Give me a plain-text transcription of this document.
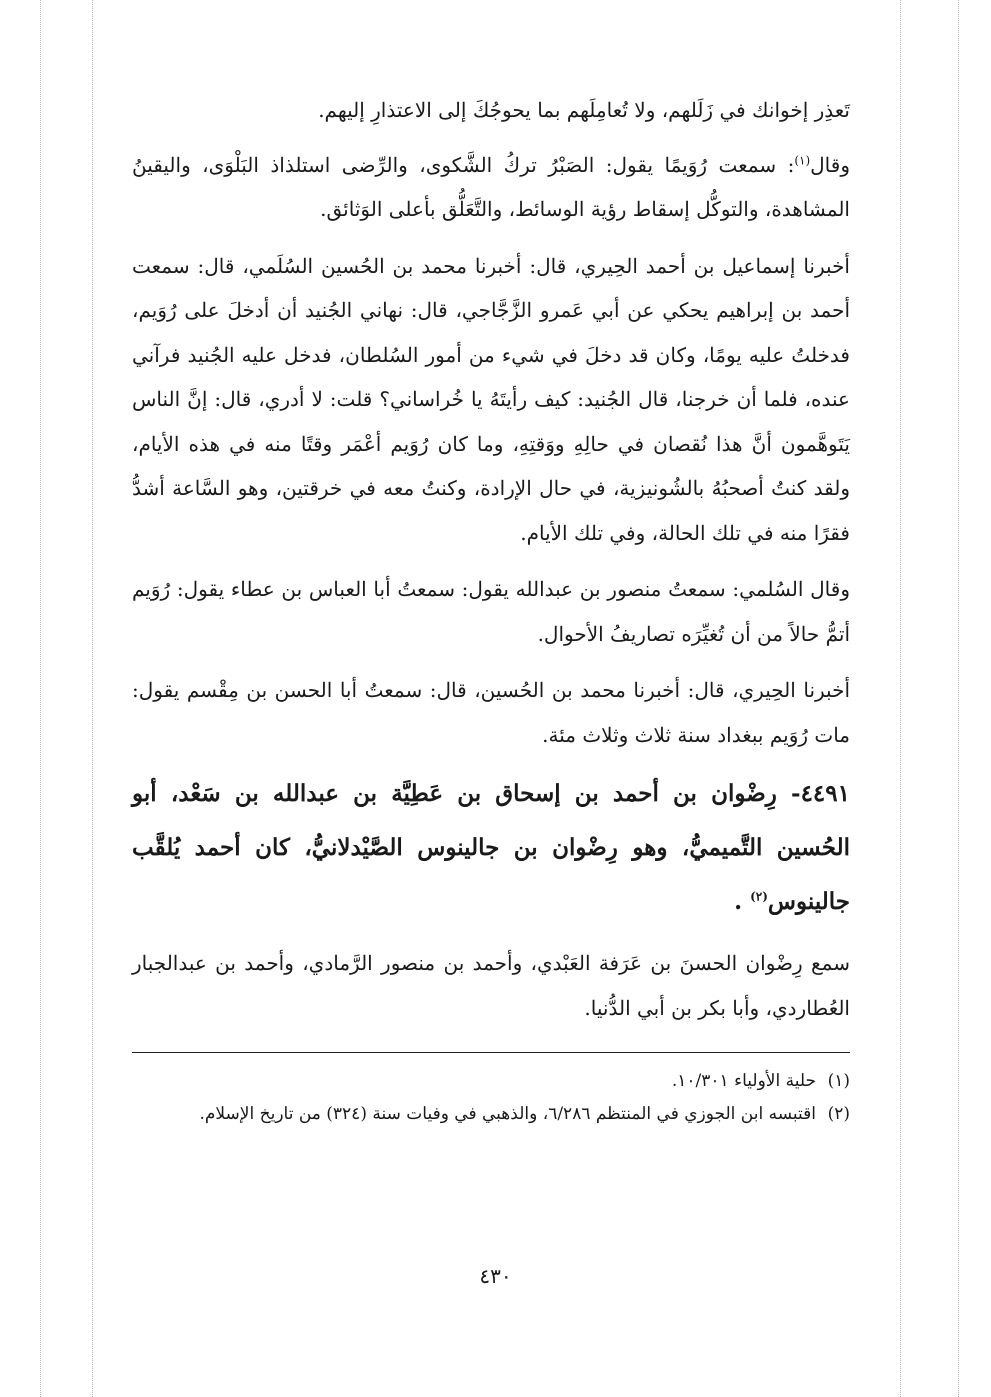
تَعذِر إخوانك في زَلَلهم، ولا تُعامِلَهم بما يحوجُكَ إلى الاعتذارِ إليهم.

وقال$^{(١)}$: سمعت رُوَيمًا يقول: الصَبْرُ تركُ الشَّكوى، والرِّضى استلذاذ البَلْوَى، واليقينُ المشاهدة، والتوكُّل إسقاط رؤية الوسائط، والتَّعَلُّق بأعلى الوَثائق.

أخبرنا إسماعيل بن أحمد الحِيري، قال: أخبرنا محمد بن الحُسين السُلَمي، قال: سمعت أحمد بن إبراهيم يحكي عن أبي عَمرو الزَّجَّاجي، قال: نهاني الجُنيد أن أدخلَ على رُوَيم، فدخلتُ عليه يومًا، وكان قد دخلَ في شيء من أمور السُلطان، فدخل عليه الجُنيد فرآني عنده، فلما أن خرجنا، قال الجُنيد: كيف رأيتَهُ يا خُراساني؟ قلت: لا أدري، قال: إنَّ الناس يَتَوهَّمون أنَّ هذا نُقصان في حالِهِ ووَقتِهِ، وما كان رُوَيم أعْمَر وقتًا منه في هذه الأيام، ولقد كنتُ أصحبُهُ بالشُونيزية، في حال الإرادة، وكنتُ معه في خرقتين، وهو السَّاعة أشدُّ فقرًا منه في تلك الحالة، وفي تلك الأيام.

وقال السُلمي: سمعتُ منصور بن عبدالله يقول: سمعتُ أبا العباس بن عطاء يقول: رُوَيم أتمُّ حالاً من أن تُغيِّرَه تصاريفُ الأحوال.

أخبرنا الحِيري، قال: أخبرنا محمد بن الحُسين، قال: سمعتُ أبا الحسن بن مِقْسم يقول: مات رُوَيم ببغداد سنة ثلاث وثلاث مئة.

٤٤٩١- رِضْوان بن أحمد بن إسحاق بن عَطِيَّة بن عبدالله بن سَعْد، أبو الحُسين التَّميميُّ، وهو رِضْوان بن جالينوس الصَّيْدلانيُّ، كان أحمد يُلقَّب جالينوس$^{(٢)}$ .

سمع رِضْوان الحسنَ بن عَرَفة العَبْدي، وأحمد بن منصور الرَّمادي، وأحمد بن عبدالجبار العُطاردي، وأبا بكر بن أبي الدُّنيا.

(١)
حلية الأولياء ١٠/٣٠١.

(٢)
اقتبسه ابن الجوزي في المنتظم ٦/٢٨٦، والذهبي في وفيات سنة (٣٢٤) من تاريخ الإسلام.

٤٣٠
